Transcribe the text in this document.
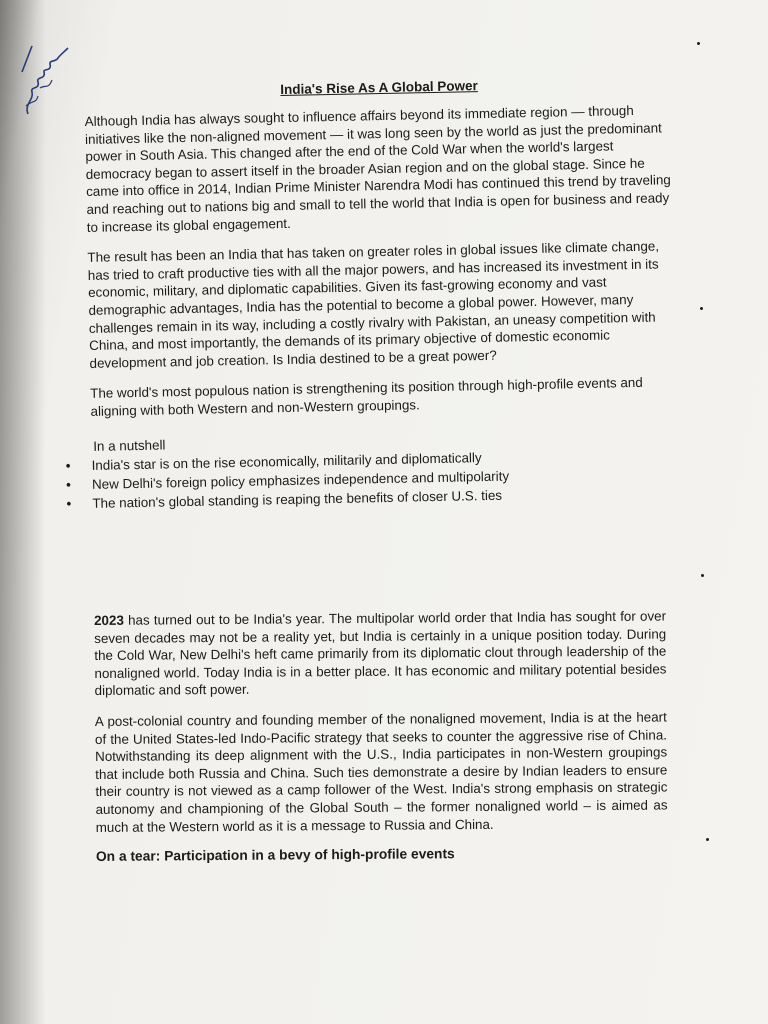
India's Rise As A Global Power

Although India has always sought to influence affairs beyond its immediate region — through initiatives like the non-aligned movement — it was long seen by the world as just the predominant power in South Asia. This changed after the end of the Cold War when the world's largest democracy began to assert itself in the broader Asian region and on the global stage. Since he came into office in 2014, Indian Prime Minister Narendra Modi has continued this trend by traveling and reaching out to nations big and small to tell the world that India is open for business and ready to increase its global engagement.

The result has been an India that has taken on greater roles in global issues like climate change, has tried to craft productive ties with all the major powers, and has increased its investment in its economic, military, and diplomatic capabilities. Given its fast-growing economy and vast demographic advantages, India has the potential to become a global power. However, many challenges remain in its way, including a costly rivalry with Pakistan, an uneasy competition with China, and most importantly, the demands of its primary objective of domestic economic development and job creation. Is India destined to be a great power?

The world's most populous nation is strengthening its position through high-profile events and aligning with both Western and non-Western groupings.

In a nutshell
• India's star is on the rise economically, militarily and diplomatically
• New Delhi's foreign policy emphasizes independence and multipolarity
• The nation's global standing is reaping the benefits of closer U.S. ties

2023 has turned out to be India's year. The multipolar world order that India has sought for over seven decades may not be a reality yet, but India is certainly in a unique position today. During the Cold War, New Delhi's heft came primarily from its diplomatic clout through leadership of the nonaligned world. Today India is in a better place. It has economic and military potential besides diplomatic and soft power.

A post-colonial country and founding member of the nonaligned movement, India is at the heart of the United States-led Indo-Pacific strategy that seeks to counter the aggressive rise of China. Notwithstanding its deep alignment with the U.S., India participates in non-Western groupings that include both Russia and China. Such ties demonstrate a desire by Indian leaders to ensure their country is not viewed as a camp follower of the West. India's strong emphasis on strategic autonomy and championing of the Global South – the former nonaligned world – is aimed as much at the Western world as it is a message to Russia and China.

On a tear: Participation in a bevy of high-profile events
